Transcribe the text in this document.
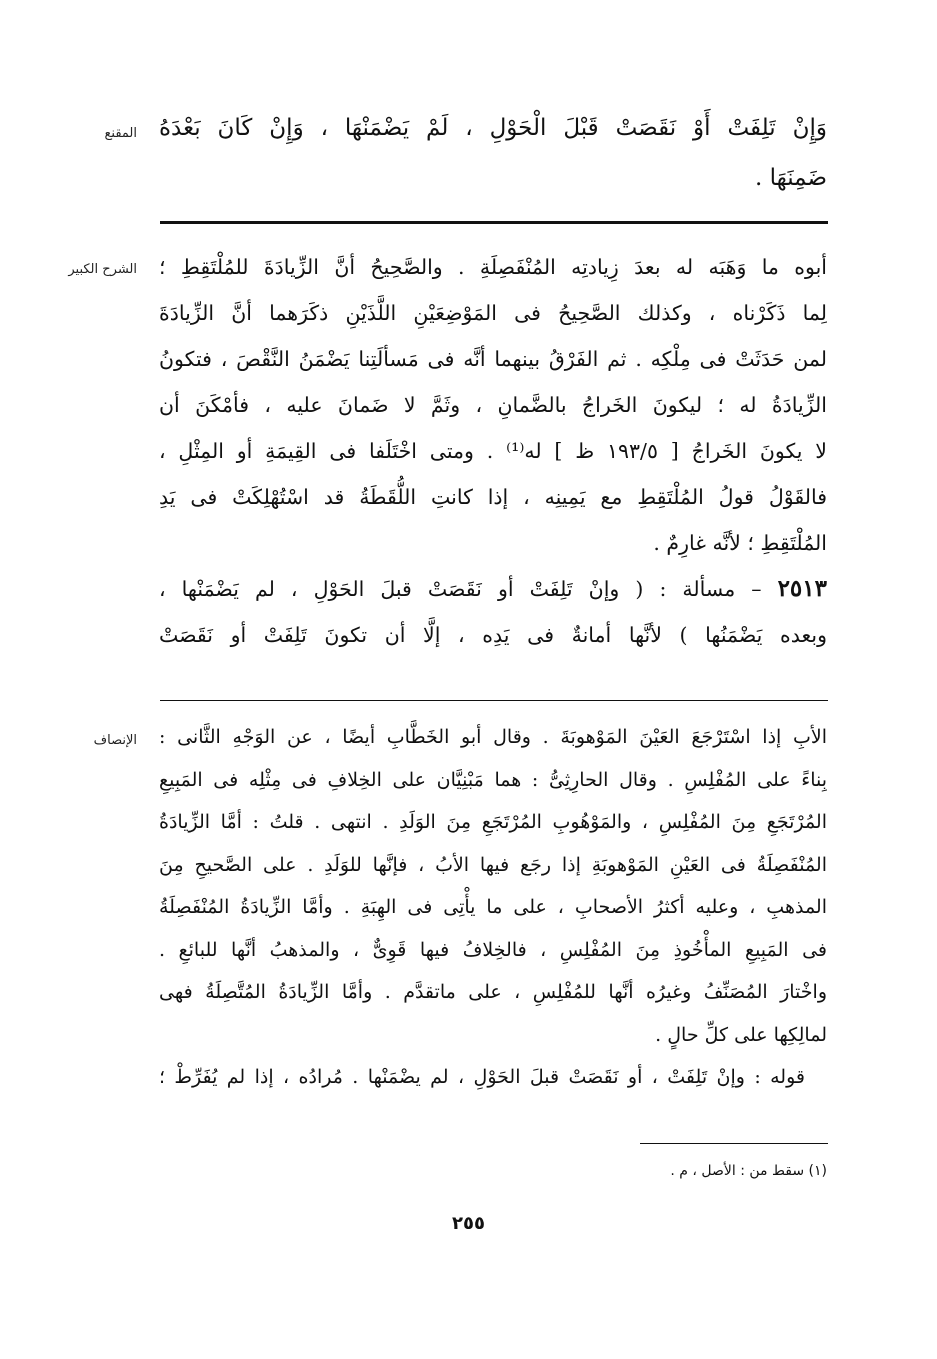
المقنع وَإِنْ تَلِفَتْ أَوْ نَقَصَتْ قَبْلَ الْحَوْلِ ، لَمْ يَضْمَنْهَا ، وَإِنْ كَانَ بَعْدَهُ
ضَمِنَهَا .
الشرح الكبير أبوه ما وَهَبَه له بعدَ زِيادتِه المُنْفَصِلَةِ . والصَّحِيحُ أنَّ الزِّيادَةَ للمُلْتَقِطِ ؛
لِما ذَكَرْناه ، وكذلك الصَّحِيحُ فى المَوْضِعَيْنِ اللَّذَيْنِ ذكَرَهما أنَّ الزِّيادَةَ
لمن حَدَثَتْ فى مِلْكِه . ثم الفَرْقُ بينهما أنَّه فى مَسألَتِنا يَضْمَنُ النَّقْصَ ، فتكونُ
الزِّيادَةُ له ؛ ليكونَ الخَراجُ بالضَّمانِ ، وثَمَّ لا ضَمانَ عليه ، فأمْكَنَ أن
لا يكونَ الخَراجُ [ ١٩٣/٥ ظ ] له⁽¹⁾ . ومتى اخْتَلَفا فى القِيمَةِ أو المِثْلِ ،
فالقَوْلُ قولُ المُلْتَقِطِ مع يَمِينِه ، إذا كانتِ اللُّقَطَةُ قد اسْتُهْلِكَتْ فى يَدِ
المُلْتَقِطِ ؛ لأنَّه غارِمٌ .
٢٥١٣ – مسألة : ( وإنْ تَلِفَتْ أو نَقَصَتْ قبلَ الحَوْلِ ، لم يَضْمَنْها ،
وبعده يَضْمَنُها ) لأنَّها أمانةٌ فى يَدِه ، إلَّا أن تكونَ تَلِفَتْ أو نَقَصَتْ
الإنصاف الأبِ إذا اسْتَرْجَعَ العَيْنَ المَوْهوبَةَ . وقال أبو الخَطَّابِ أيضًا ، عن الوَجْهِ الثَّانى :
بِناءً على المُفْلِسِ . وقال الحارِثِىُّ : هما مَبْنِيَّان على الخِلافِ فى مِثْلِه فى المَبِيعِ
المُرْتَجَعِ مِنَ المُفْلِسِ ، والمَوْهُوبِ المُرْتَجَعِ مِنَ الوَلَدِ . انتهى . قلتُ : أمَّا الزِّيادَةُ
المُنْفَصِلَةُ فى العَيْنِ المَوْهوبَةِ إذا رجَع فيها الأبُ ، فإنَّها للوَلَدِ . على الصَّحيحِ مِنَ
المذهبِ ، وعليه أكثرُ الأصحابِ ، على ما يأْتِى فى الهِبَةِ . وأمَّا الزِّيادَةُ المُنْفَصِلَةُ
فى المَبِيعِ المأْخُوذِ مِنَ المُفْلِسِ ، فالخِلافُ فيها قَوِىٌّ ، والمذهبُ أنَّها للبائعِ .
واخْتارَ المُصَنِّفُ وغيرُه أنَّها للمُفْلِسِ ، على ماتقدَّم . وأمَّا الزِّيادَةُ المُتَّصِلَةُ فهى
لمالِكِها على كلِّ حالٍ .
قوله : وإنْ تَلِفَتْ ، أو نَقَصَتْ قبلَ الحَوْلِ ، لم يضْمَنْها . مُرادُه ، إذا لم يُفَرِّطْ ؛
(١) سقط من : الأصل ، م .
٢٥٥
